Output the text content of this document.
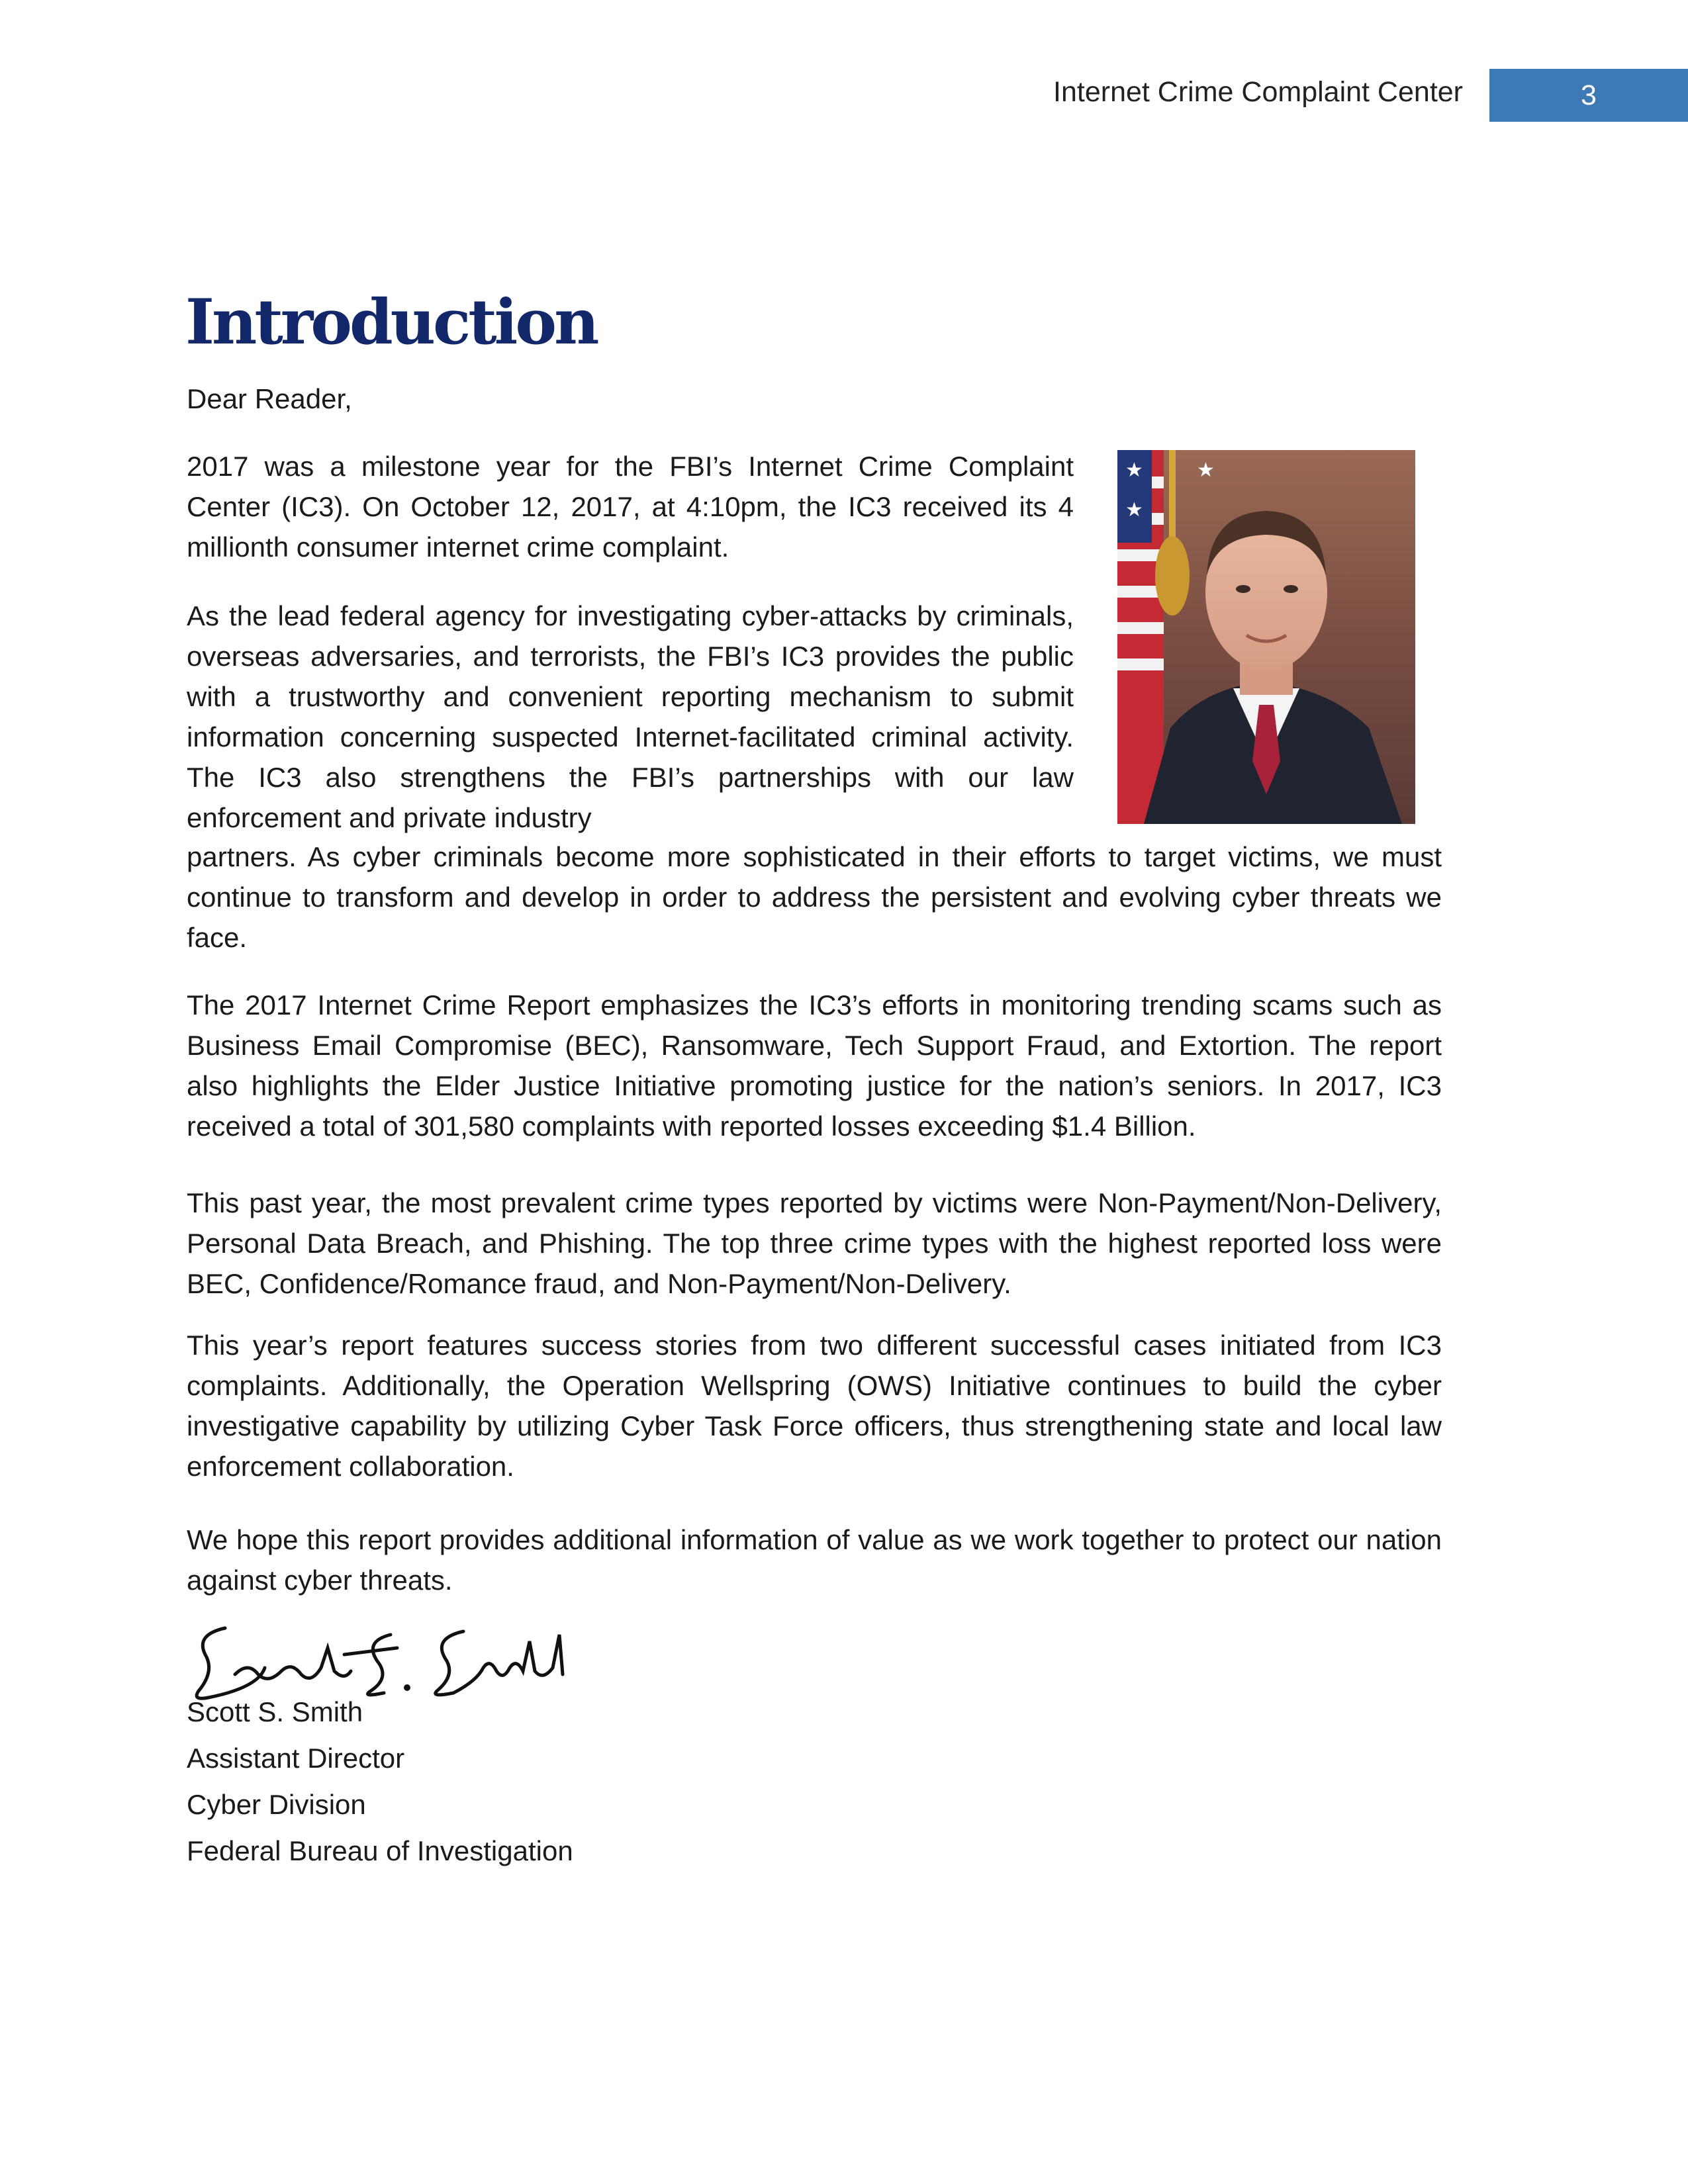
Internet Crime Complaint Center	3
Introduction

Dear Reader,

2017 was a milestone year for the FBI’s Internet Crime Complaint Center (IC3). On October 12, 2017, at 4:10pm, the IC3 received its 4 millionth consumer internet crime complaint.

As the lead federal agency for investigating cyber-attacks by criminals, overseas adversaries, and terrorists, the FBI’s IC3 provides the public with a trustworthy and convenient reporting mechanism to submit information concerning suspected Internet-facilitated criminal activity. The IC3 also strengthens the FBI’s partnerships with our law enforcement and private industry

★
★
★

partners. As cyber criminals become more sophisticated in their efforts to target victims, we must continue to transform and develop in order to address the persistent and evolving cyber threats we face.

The 2017 Internet Crime Report emphasizes the IC3’s efforts in monitoring trending scams such as Business Email Compromise (BEC), Ransomware, Tech Support Fraud, and Extortion. The report also highlights the Elder Justice Initiative promoting justice for the nation’s seniors. In 2017, IC3 received a total of 301,580 complaints with reported losses exceeding $1.4 Billion.

This past year, the most prevalent crime types reported by victims were Non-Payment/Non-Delivery, Personal Data Breach, and Phishing. The top three crime types with the highest reported loss were BEC, Confidence/Romance fraud, and Non-Payment/Non-Delivery.

This year’s report features success stories from two different successful cases initiated from IC3 complaints. Additionally, the Operation Wellspring (OWS) Initiative continues to build the cyber investigative capability by utilizing Cyber Task Force officers, thus strengthening state and local law enforcement collaboration.

We hope this report provides additional information of value as we work together to protect our nation against cyber threats.

Scott S. Smith

Assistant Director

Cyber Division

Federal Bureau of Investigation
